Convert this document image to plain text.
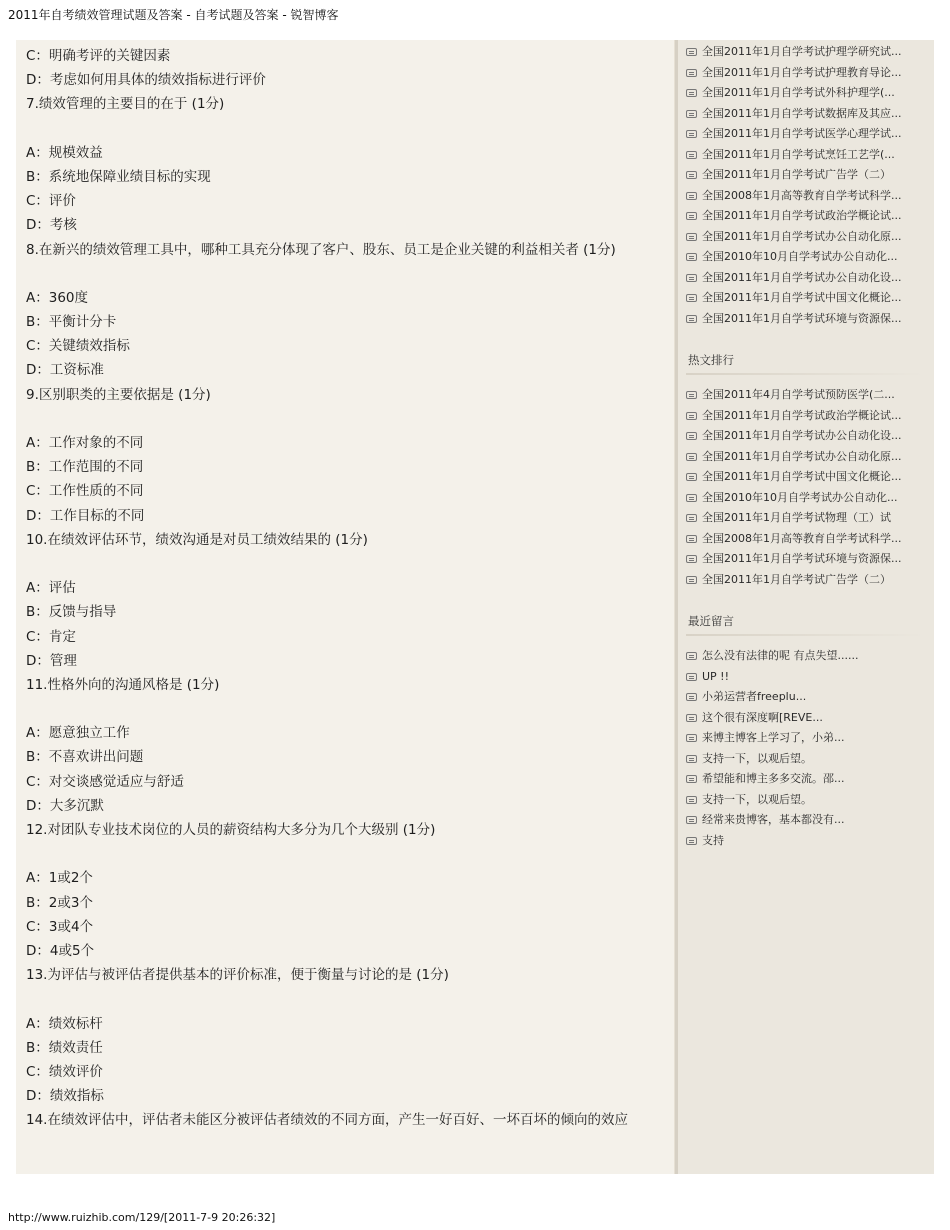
2011年自考绩效管理试题及答案 - 自考试题及答案 - 锐智博客
C：明确考评的关键因素
D：考虑如何用具体的绩效指标进行评价
7.绩效管理的主要目的在于 (1分)
A：规模效益
B：系统地保障业绩目标的实现
C：评价
D：考核
8.在新兴的绩效管理工具中，哪种工具充分体现了客户、股东、员工是企业关键的利益相关者 (1分)
A：360度
B：平衡计分卡
C：关键绩效指标
D：工资标准
9.区别职类的主要依据是 (1分)
A：工作对象的不同
B：工作范围的不同
C：工作性质的不同
D：工作目标的不同
10.在绩效评估环节，绩效沟通是对员工绩效结果的 (1分)
A：评估
B：反馈与指导
C：肯定
D：管理
11.性格外向的沟通风格是 (1分)
A：愿意独立工作
B：不喜欢讲出问题
C：对交谈感觉适应与舒适
D：大多沉默
12.对团队专业技术岗位的人员的薪资结构大多分为几个大级别 (1分)
A：1或2个
B：2或3个
C：3或4个
D：4或5个
13.为评估与被评估者提供基本的评价标准，便于衡量与讨论的是 (1分)
A：绩效标杆
B：绩效责任
C：绩效评价
D：绩效指标
14.在绩效评估中，评估者未能区分被评估者绩效的不同方面，产生一好百好、一坏百坏的倾向的效应
全国2011年1月自学考试护理学研究试...
全国2011年1月自学考试护理教育导论...
全国2011年1月自学考试外科护理学(...
全国2011年1月自学考试数据库及其应...
全国2011年1月自学考试医学心理学试...
全国2011年1月自学考试烹饪工艺学(...
全国2011年1月自学考试广告学（二）
全国2008年1月高等教育自学考试科学...
全国2011年1月自学考试政治学概论试...
全国2011年1月自学考试办公自动化原...
全国2010年10月自学考试办公自动化...
全国2011年1月自学考试办公自动化设...
全国2011年1月自学考试中国文化概论...
全国2011年1月自学考试环境与资源保...
热文排行
全国2011年4月自学考试预防医学(二...
全国2011年1月自学考试政治学概论试...
全国2011年1月自学考试办公自动化设...
全国2011年1月自学考试办公自动化原...
全国2011年1月自学考试中国文化概论...
全国2010年10月自学考试办公自动化...
全国2011年1月自学考试物理（工）试
全国2008年1月高等教育自学考试科学...
全国2011年1月自学考试环境与资源保...
全国2011年1月自学考试广告学（二）
最近留言
怎么没有法律的呢 有点失望......
UP !!
小弟运营者freeplu...
这个很有深度啊[REVE...
来博主博客上学习了，小弟...
支持一下，以观后望。
希望能和博主多多交流。邵...
支持一下，以观后望。
经常来贵博客，基本都没有...
支持
http://www.ruizhib.com/129/[2011-7-9 20:26:32]
